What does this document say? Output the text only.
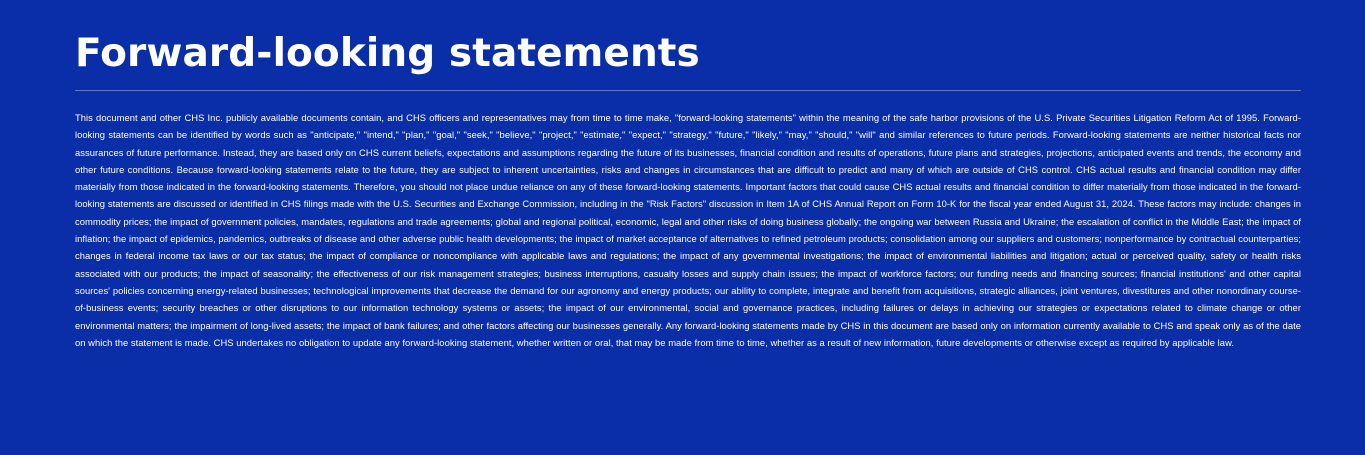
Forward-looking statements

This document and other CHS Inc. publicly available documents contain, and CHS officers and representatives may from time to time make, "forward-looking statements" within the meaning of the safe harbor provisions of the U.S. Private Securities Litigation Reform Act of 1995. Forward-looking statements can be identified by words such as "anticipate," "intend," "plan," "goal," "seek," "believe," "project," "estimate," "expect," "strategy," "future," "likely," "may," "should," "will" and similar references to future periods. Forward-looking statements are neither historical facts nor assurances of future performance. Instead, they are based only on CHS current beliefs, expectations and assumptions regarding the future of its businesses, financial condition and results of operations, future plans and strategies, projections, anticipated events and trends, the economy and other future conditions. Because forward-looking statements relate to the future, they are subject to inherent uncertainties, risks and changes in circumstances that are difficult to predict and many of which are outside of CHS control. CHS actual results and financial condition may differ materially from those indicated in the forward-looking statements. Therefore, you should not place undue reliance on any of these forward-looking statements. Important factors that could cause CHS actual results and financial condition to differ materially from those indicated in the forward-looking statements are discussed or identified in CHS filings made with the U.S. Securities and Exchange Commission, including in the "Risk Factors" discussion in Item 1A of CHS Annual Report on Form 10-K for the fiscal year ended August 31, 2024. These factors may include: changes in commodity prices; the impact of government policies, mandates, regulations and trade agreements; global and regional political, economic, legal and other risks of doing business globally; the ongoing war between Russia and Ukraine; the escalation of conflict in the Middle East; the impact of inflation; the impact of epidemics, pandemics, outbreaks of disease and other adverse public health developments; the impact of market acceptance of alternatives to refined petroleum products; consolidation among our suppliers and customers; nonperformance by contractual counterparties; changes in federal income tax laws or our tax status; the impact of compliance or noncompliance with applicable laws and regulations; the impact of any governmental investigations; the impact of environmental liabilities and litigation; actual or perceived quality, safety or health risks associated with our products; the impact of seasonality; the effectiveness of our risk management strategies; business interruptions, casualty losses and supply chain issues; the impact of workforce factors; our funding needs and financing sources; financial institutions' and other capital sources' policies concerning energy-related businesses; technological improvements that decrease the demand for our agronomy and energy products; our ability to complete, integrate and benefit from acquisitions, strategic alliances, joint ventures, divestitures and other nonordinary course-of-business events; security breaches or other disruptions to our information technology systems or assets; the impact of our environmental, social and governance practices, including failures or delays in achieving our strategies or expectations related to climate change or other environmental matters; the impairment of long-lived assets; the impact of bank failures; and other factors affecting our businesses generally. Any forward-looking statements made by CHS in this document are based only on information currently available to CHS and speak only as of the date on which the statement is made. CHS undertakes no obligation to update any forward-looking statement, whether written or oral, that may be made from time to time, whether as a result of new information, future developments or otherwise except as required by applicable law.
